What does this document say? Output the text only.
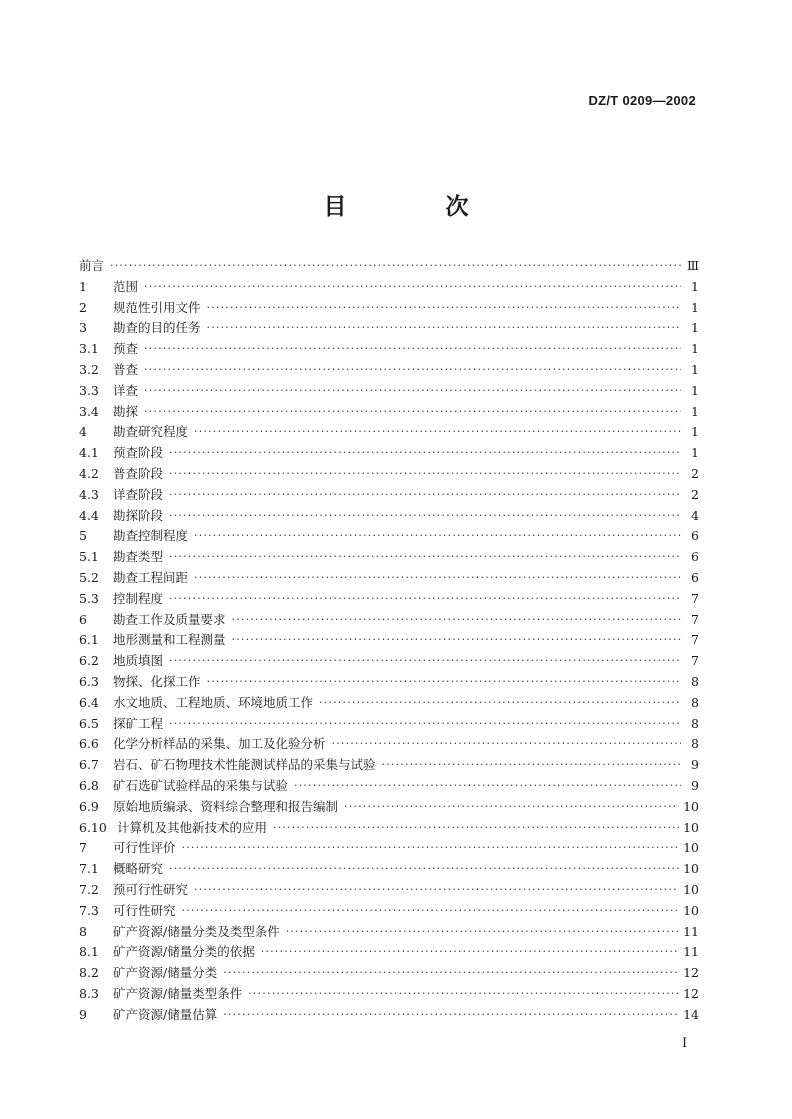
DZ/T 0209—2002
目　次
前言 ·····	Ⅲ
1	范围 ·····	1
2	规范性引用文件 ·····	1
3	勘查的目的任务 ·····	1
3.1	预查 ·····	1
3.2	普查 ·····	1
3.3	详查 ·····	1
3.4	勘探 ·····	1
4	勘查研究程度 ·····	1
4.1	预查阶段 ·····	1
4.2	普查阶段 ·····	2
4.3	详查阶段 ·····	2
4.4	勘探阶段 ·····	4
5	勘查控制程度 ·····	6
5.1	勘查类型 ·····	6
5.2	勘查工程间距 ·····	6
5.3	控制程度 ·····	7
6	勘查工作及质量要求 ·····	7
6.1	地形测量和工程测量 ·····	7
6.2	地质填图 ·····	7
6.3	物探、化探工作 ·····	8
6.4	水文地质、工程地质、环境地质工作 ·····	8
6.5	探矿工程 ·····	8
6.6	化学分析样品的采集、加工及化验分析 ·····	8
6.7	岩石、矿石物理技术性能测试样品的采集与试验 ·····	9
6.8	矿石选矿试验样品的采集与试验 ·····	9
6.9	原始地质编录、资料综合整理和报告编制 ·····	10
6.10 计算机及其他新技术的应用 ·····	10
7	可行性评价 ·····	10
7.1	概略研究 ·····	10
7.2	预可行性研究 ·····	10
7.3	可行性研究 ·····	10
8	矿产资源/储量分类及类型条件 ·····	11
8.1	矿产资源/储量分类的依据 ·····	11
8.2	矿产资源/储量分类 ·····	12
8.3	矿产资源/储量类型条件 ·····	12
9	矿产资源/储量估算 ·····	14
I
